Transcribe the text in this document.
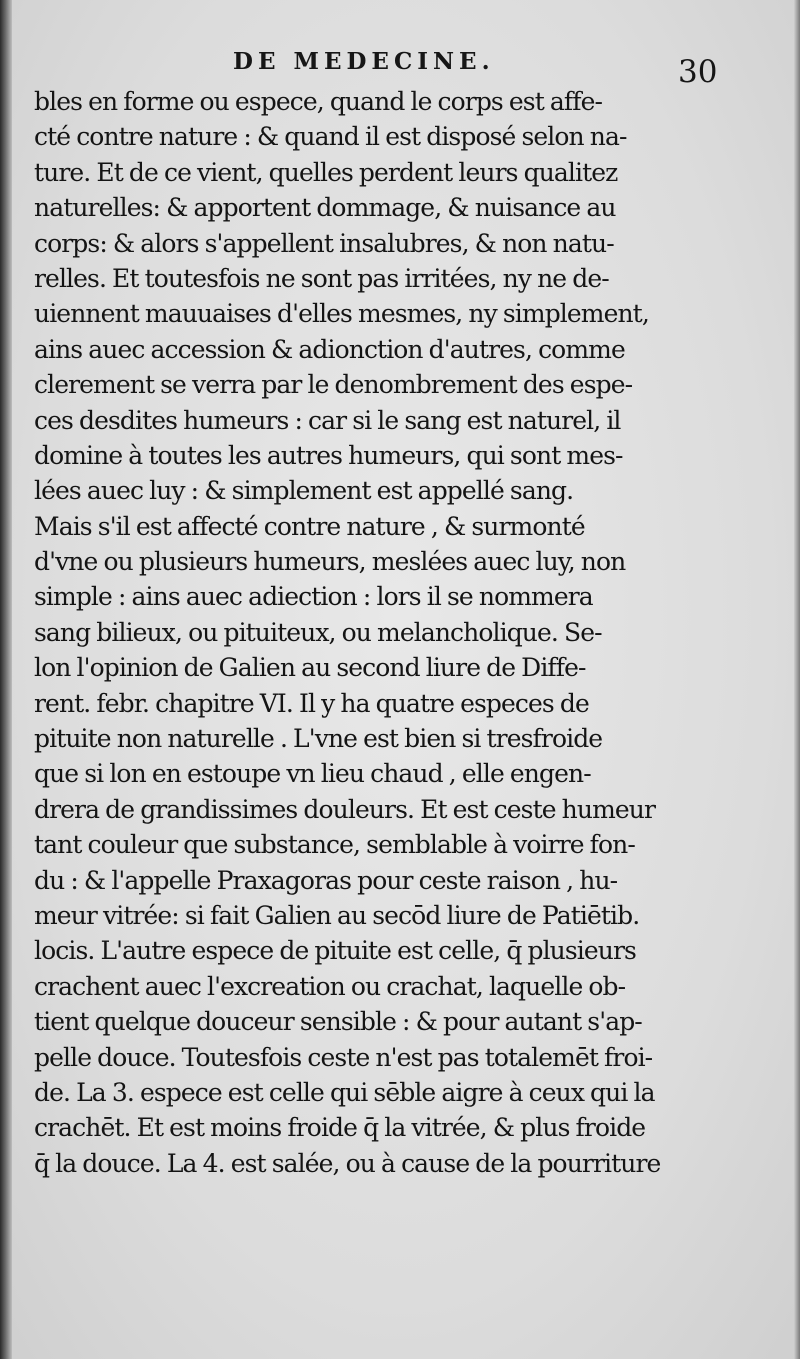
DE MEDECINE.	30
bles en forme ou espece, quand le corps est affe-
cté contre nature : & quand il est disposé selon na-
ture. Et de ce vient, quelles perdent leurs qualitez
naturelles: & apportent dommage, & nuisance au
corps: & alors s'appellent insalubres, & non natu-
relles. Et toutesfois ne sont pas irritées, ny ne de-
uiennent mauuaises d'elles mesmes, ny simplement,
ains auec accession & adionction d'autres, comme
clerement se verra par le denombrement des espe-
ces desdites humeurs : car si le sang est naturel, il
domine à toutes les autres humeurs, qui sont mes-
lées auec luy : & simplement est appellé sang.
Mais s'il est affecté contre nature , & surmonté
d'vne ou plusieurs humeurs, meslées auec luy, non
simple : ains auec adiection : lors il se nommera
sang bilieux, ou pituiteux, ou melancholique. Se-
lon l'opinion de Galien au second liure de Diffe-
rent. febr. chapitre VI. Il y ha quatre especes de
pituite non naturelle . L'vne est bien si tresfroide
que si lon en estoupe vn lieu chaud , elle engen-
drera de grandissimes douleurs. Et est ceste humeur
tant couleur que substance, semblable à voirre fon-
du : & l'appelle Praxagoras pour ceste raison , hu-
meur vitrée: si fait Galien au secōd liure de Patiētib.
locis. L'autre espece de pituite est celle, q̄ plusieurs
crachent auec l'excreation ou crachat, laquelle ob-
tient quelque douceur sensible : & pour autant s'ap-
pelle douce. Toutesfois ceste n'est pas totalemēt froi-
de. La 3. espece est celle qui sēble aigre à ceux qui la
crachēt. Et est moins froide q̄ la vitrée, & plus froide
q̄ la douce. La 4. est salée, ou à cause de la pourriture
